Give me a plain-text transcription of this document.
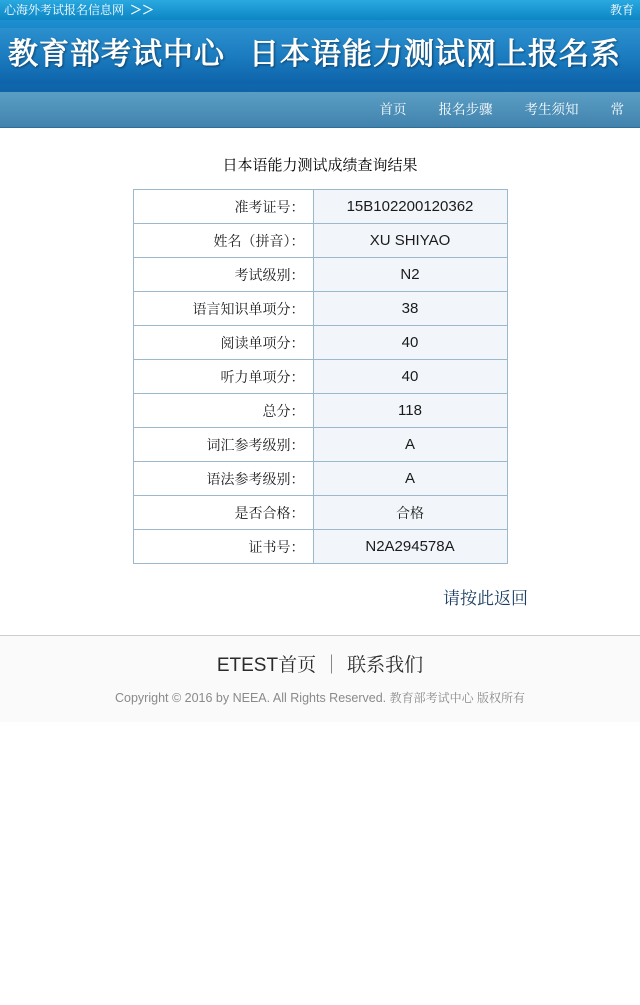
心海外考试报名信息网 ＞＞	教育
教育部考试中心 日本语能力测试网上报名系
首页	报名步骤	考生须知	常
日本语能力测试成绩查询结果
准考证号：	15B102200120362
姓名（拼音）：	XU SHIYAO
考试级别：	N2
语言知识单项分：	38
阅读单项分：	40
听力单项分：	40
总分：	118
词汇参考级别：	A
语法参考级别：	A
是否合格：	合格
证书号：	N2A294578A
请按此返回
ETEST首页 ｜ 联系我们
Copyright © 2016 by NEEA. All Rights Reserved. 教育部考试中心 版权所有
